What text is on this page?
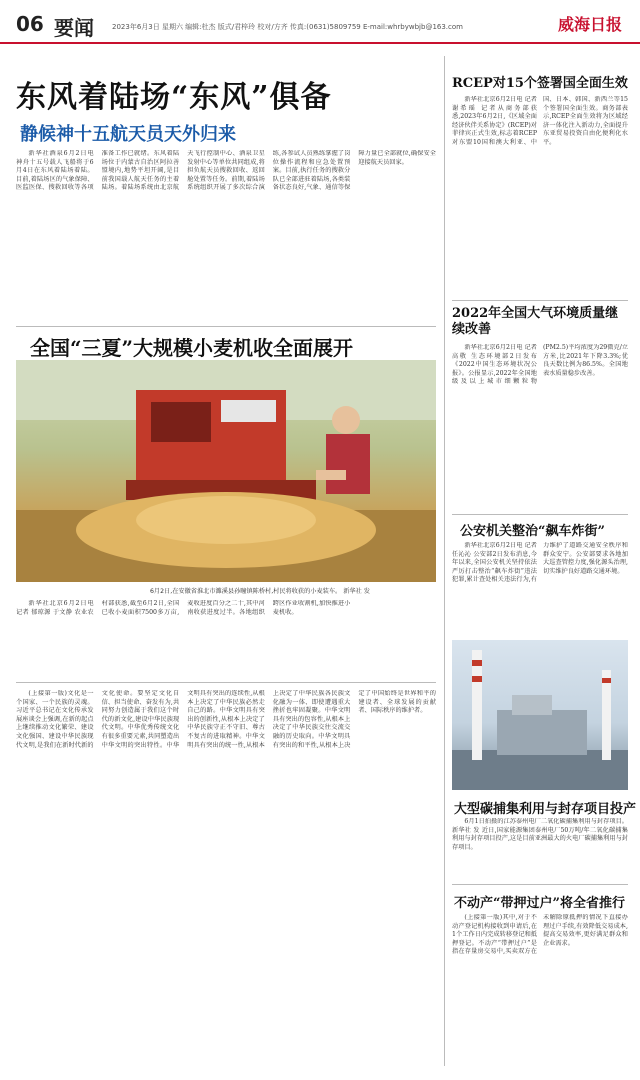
06 要闻	2023年6月3日 星期六 编辑:杜杰 版式/君梓玲 校对/方齐 传真:(0631)5809759 E-mail:whrbywbjb@163.com	威海日报
东风着陆场“东风”俱备
静候神十五航天员天外归来

新华社酒泉6月2日电 神舟十五号载人飞船将于6月4日在东风着陆场着陆。目前,着陆场区的气象保障、医监医保、搜救回收等各项准备工作已就绪。东风着陆场位于内蒙古自治区阿拉善盟境内,地势平坦开阔,是目前我国载人航天任务的主着陆场。着陆场系统由北京航天飞行控制中心、酒泉卫星发射中心等单位共同组成,将担负航天员搜救回收、返回舱处置等任务。前期,着陆场系统组织开展了多次综合演练,各参试人员熟练掌握了岗位操作流程和应急处置预案。目前,执行任务的搜救分队已全部进驻着陆场,各类装备状态良好,气象、通信等保障力量已全部就位,确保安全迎接航天员回家。

全国“三夏”大规模小麦机收全面展开
6月2日,在安徽省淮北市濉溪县孙疃镇陈桥村,村民将收获的小麦装车。 新华社 发

新华社北京6月2日电 记者 郁琼源 于文静 农业农村部获悉,截至6月2日,全国已收小麦面积7500多万亩,麦收进度百分之二十,其中河南收获进度过半。各地组织跨区作业收割机,加快推进小麦机收。

(上接第一版)文化是一个国家、一个民族的灵魂。习近平总书记在文化传承发展座谈会上强调,在新的起点上继续推动文化繁荣、建设文化强国、建设中华民族现代文明,是我们在新时代新的文化使命。要坚定文化自信、担当使命、奋发有为,共同努力创造属于我们这个时代的新文化,建设中华民族现代文明。中华优秀传统文化有很多重要元素,共同塑造出中华文明的突出特性。中华文明具有突出的连续性,从根本上决定了中华民族必然走自己的路。中华文明具有突出的创新性,从根本上决定了中华民族守正不守旧、尊古不复古的进取精神。中华文明具有突出的统一性,从根本上决定了中华民族各民族文化融为一体、即使遭遇重大挫折也牢固凝聚。中华文明具有突出的包容性,从根本上决定了中华民族交往交流交融的历史取向。中华文明具有突出的和平性,从根本上决定了中国始终是世界和平的建设者、全球发展的贡献者、国际秩序的维护者。

RCEP对15个签署国全面生效

新华社北京6月2日电 记者 谢希瑶 记者从商务部获悉,2023年6月2日,《区域全面经济伙伴关系协定》(RCEP)对菲律宾正式生效,标志着RCEP对东盟10国和澳大利亚、中国、日本、韩国、新西兰等15个签署国全面生效。商务部表示,RCEP全面生效将为区域经济一体化注入新动力,全面提升东亚贸易投资自由化便利化水平。

2022年全国大气环境质量继续改善

新华社北京6月2日电 记者 高敬 生态环境部2日发布《2022中国生态环境状况公报》。公报显示,2022年全国地级及以上城市细颗粒物(PM2.5)平均浓度为29微克/立方米,比2021年下降3.3%;优良天数比例为86.5%。全国地表水质量稳步改善。

公安机关整治“飙车炸街”

新华社北京6月2日电 记者 任沁沁 公安部2日发布消息,今年以来,全国公安机关坚持依法严厉打击整治“飙车炸街”违法犯罪,累计查处相关违法行为,有力维护了道路交通安全秩序和群众安宁。公安部要求各地加大巡查管控力度,强化源头治理,切实维护良好道路交通环境。

大型碳捕集利用与封存项目投产

6月1日拍摄的江苏泰州电厂二氧化碳捕集利用与封存项目。新华社 发 近日,国家能源集团泰州电厂50万吨/年二氧化碳捕集利用与封存项目投产,这是目前亚洲最大的火电厂碳捕集利用与封存项目。

不动产“带押过户”将全省推行

(上接第一版)其中,对于不动产登记机构接收到申请后,在1个工作日内完成转移登记和抵押登记。不动产“带押过户”是指在存量房交易中,买卖双方在未解除原抵押的情况下直接办理过户手续,有效降低交易成本,提高交易效率,更好满足群众和企业需求。
